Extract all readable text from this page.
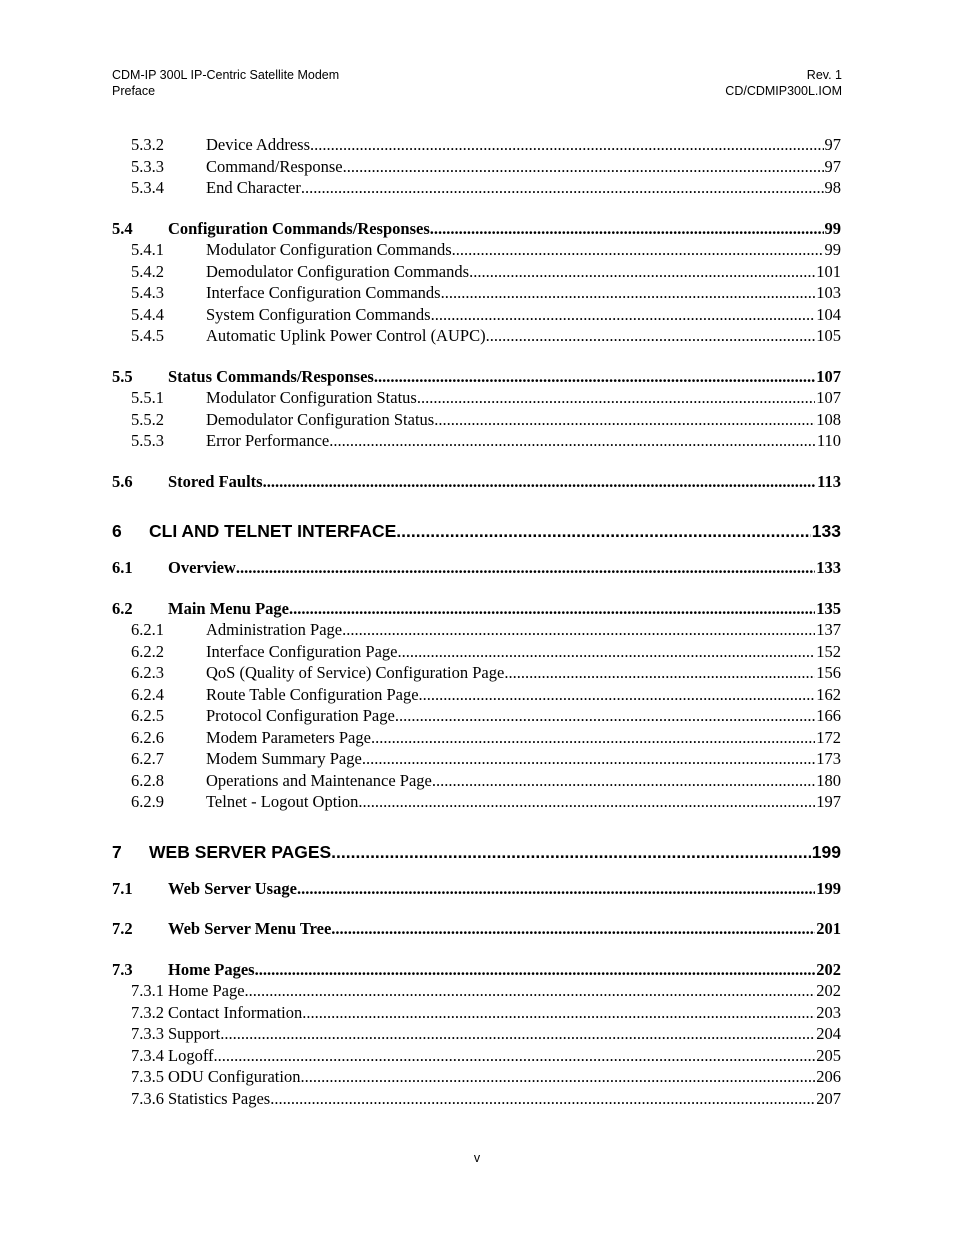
CDM-IP 300L IP-Centric Satellite Modem
Preface
Rev. 1
CD/CDMIP300L.IOM
5.3.2	Device Address .....	97
5.3.3	Command/Response .....	97
5.3.4	End Character .....	98
5.4	Configuration Commands/Responses .....	99
5.4.1	Modulator Configuration Commands .....	99
5.4.2	Demodulator Configuration Commands .....	101
5.4.3	Interface Configuration Commands .....	103
5.4.4	System Configuration Commands .....	104
5.4.5	Automatic Uplink Power Control (AUPC) .....	105
5.5	Status Commands/Responses .....	107
5.5.1	Modulator Configuration Status .....	107
5.5.2	Demodulator Configuration Status .....	108
5.5.3	Error Performance .....	110
5.6	Stored Faults .....	113
6	CLI AND TELNET INTERFACE .....	133
6.1	Overview .....	133
6.2	Main Menu Page .....	135
6.2.1	Administration Page .....	137
6.2.2	Interface Configuration Page .....	152
6.2.3	QoS (Quality of Service) Configuration Page .....	156
6.2.4	Route Table Configuration Page .....	162
6.2.5	Protocol Configuration Page .....	166
6.2.6	Modem Parameters Page .....	172
6.2.7	Modem Summary Page .....	173
6.2.8	Operations and Maintenance Page .....	180
6.2.9	Telnet - Logout Option .....	197
7	WEB SERVER PAGES .....	199
7.1	Web Server Usage .....	199
7.2	Web Server Menu Tree .....	201
7.3	Home Pages .....	202
7.3.1 Home Page .....	202
7.3.2 Contact Information .....	203
7.3.3 Support .....	204
7.3.4 Logoff .....	205
7.3.5 ODU Configuration .....	206
7.3.6 Statistics Pages .....	207
v
